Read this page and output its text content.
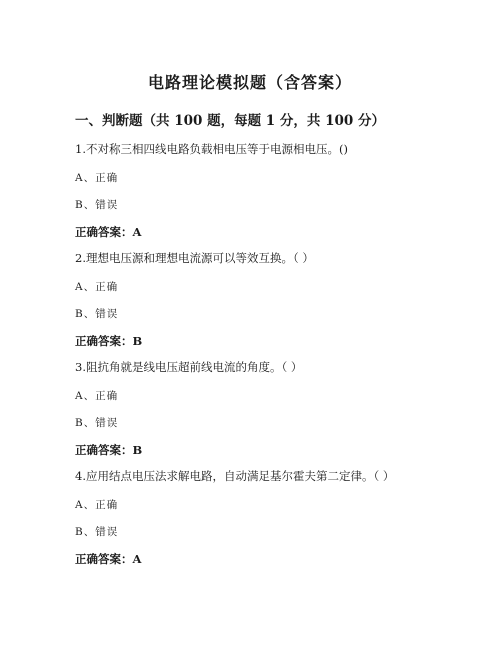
电路理论模拟题（含答案）
一、判断题（共 100 题，每题 1 分，共 100 分）
1.不对称三相四线电路负载相电压等于电源相电压。()
A、正确
B、错误
正确答案：A
2.理想电压源和理想电流源可以等效互换。（ ）
A、正确
B、错误
正确答案：B
3.阻抗角就是线电压超前线电流的角度。（ ）
A、正确
B、错误
正确答案：B
4.应用结点电压法求解电路，自动满足基尔霍夫第二定律。（ ）
A、正确
B、错误
正确答案：A
